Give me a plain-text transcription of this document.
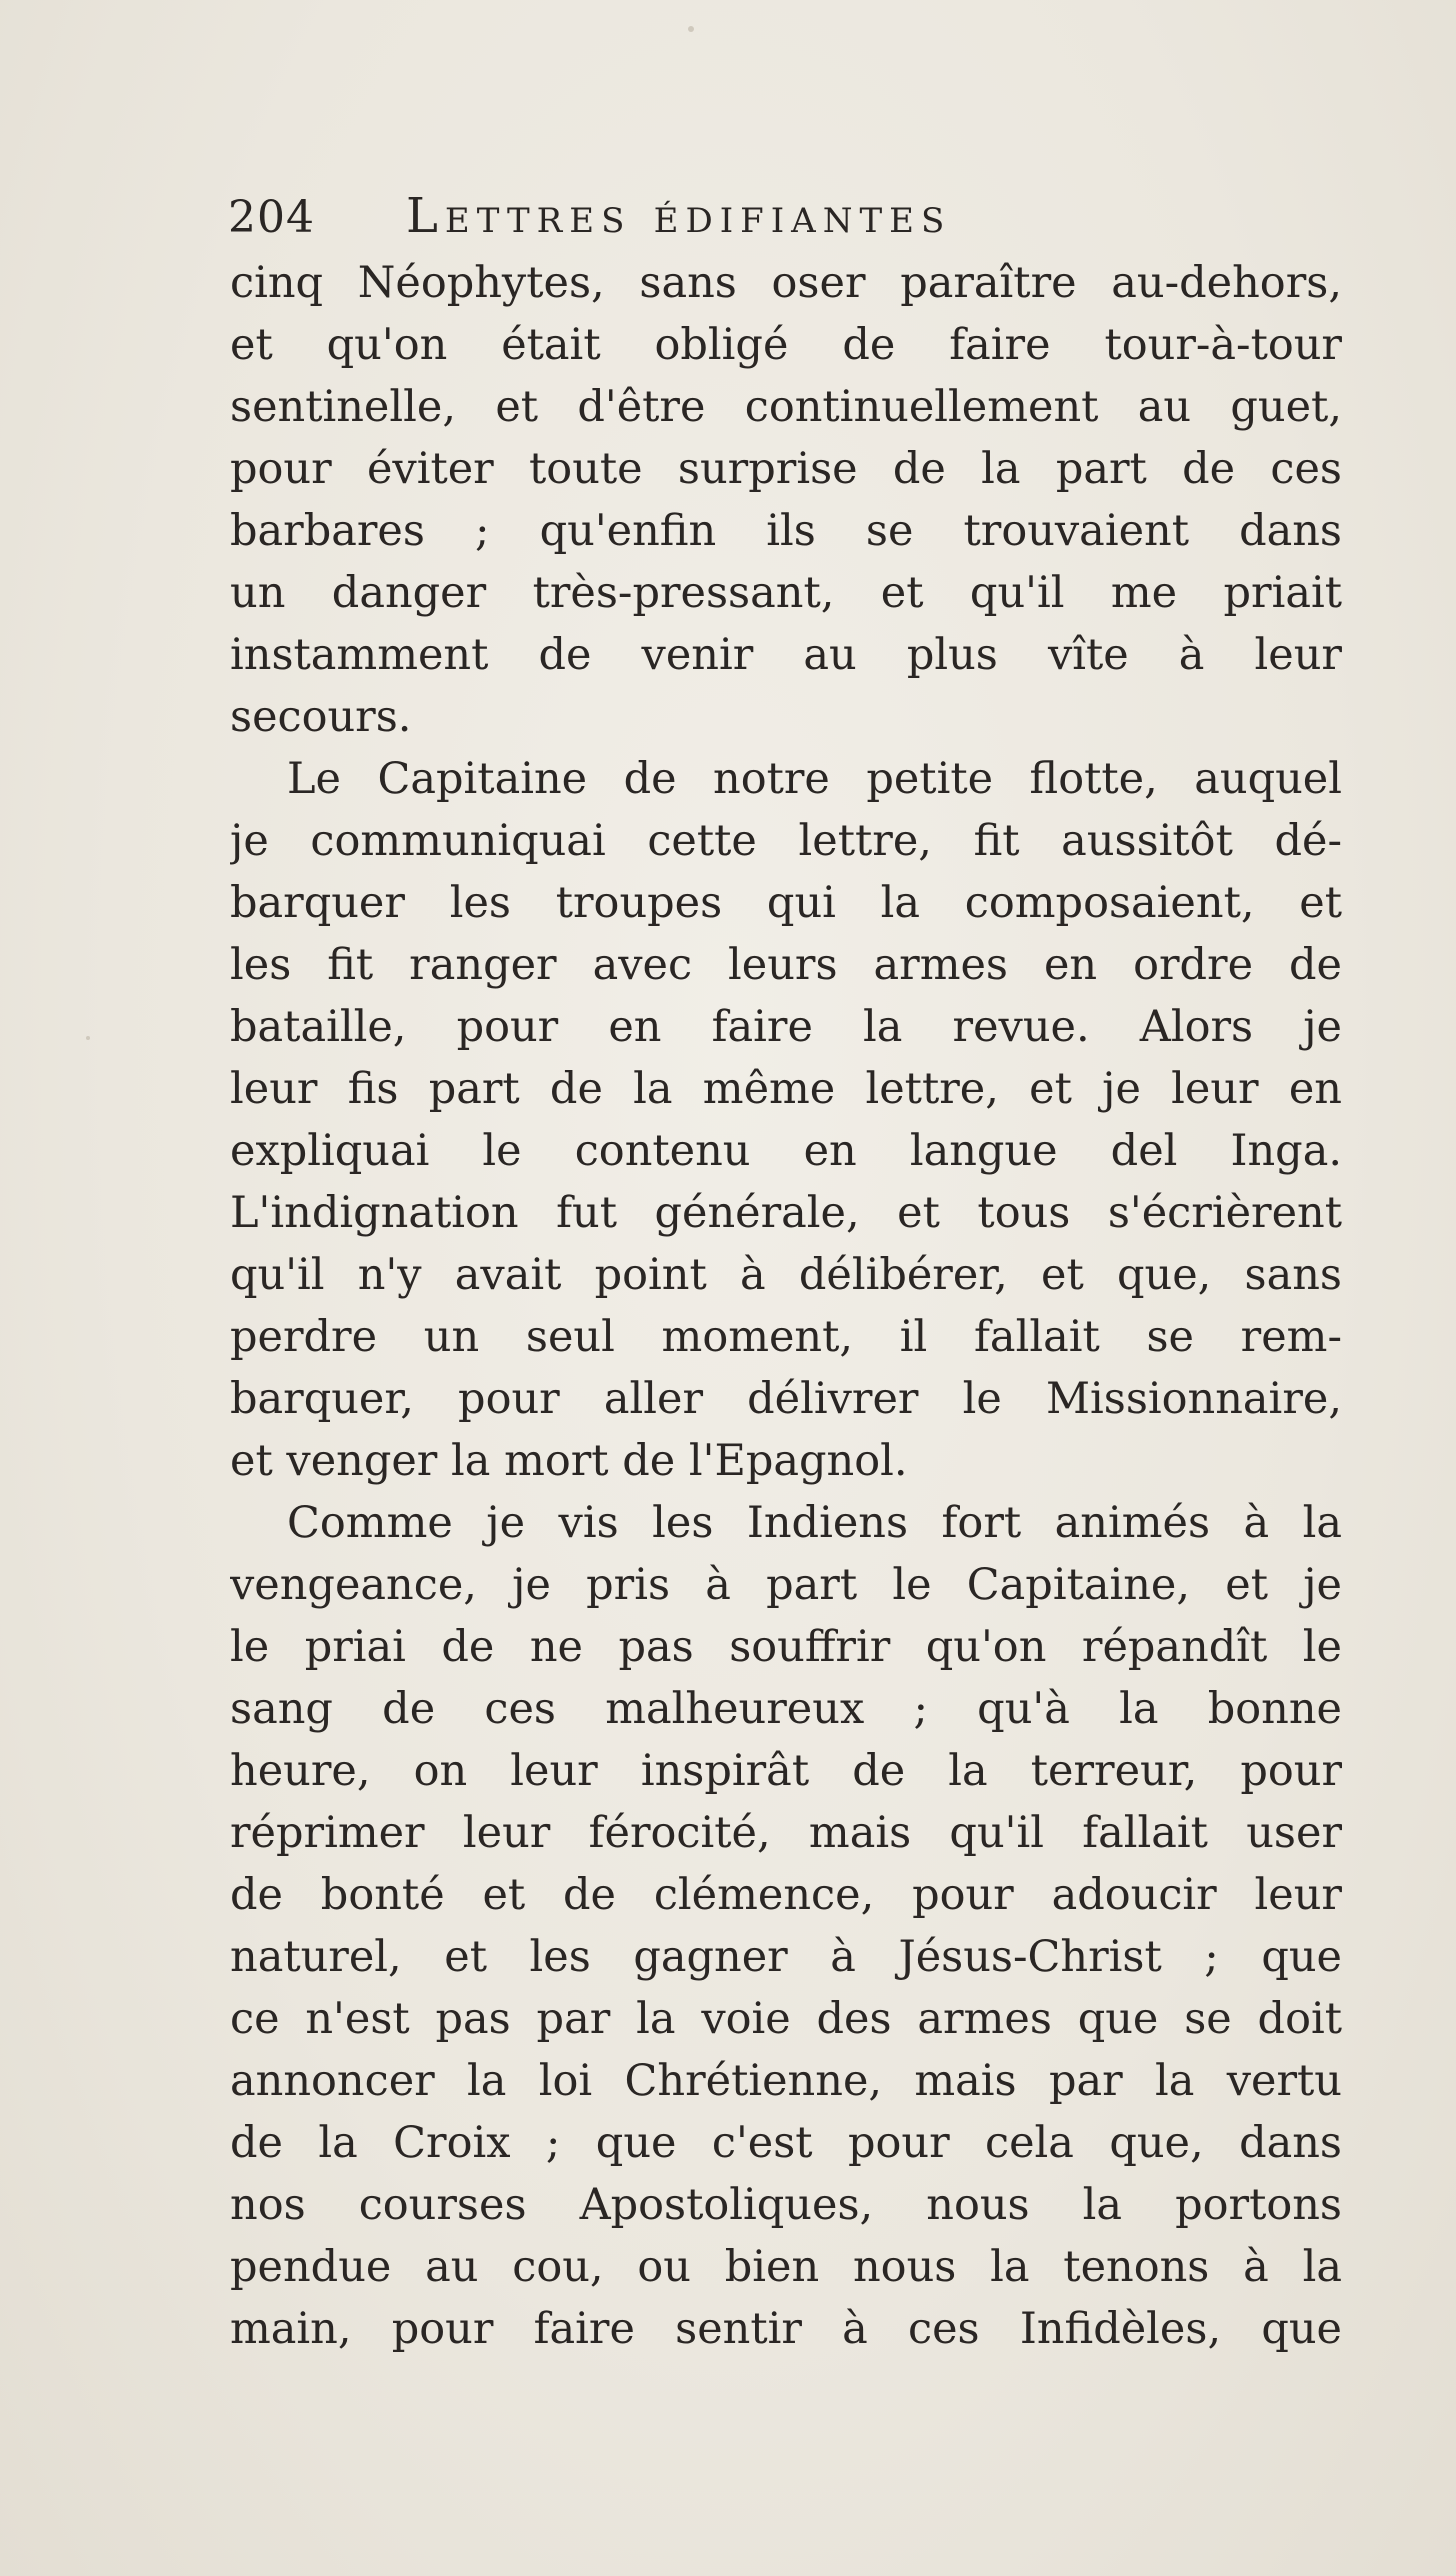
204 Lettres édifiantes
cinq Néophytes, sans oser paraître au-dehors,
et qu'on était obligé de faire tour-à-tour
sentinelle, et d'être continuellement au guet,
pour éviter toute surprise de la part de ces
barbares ; qu'enfin ils se trouvaient dans
un danger très-pressant, et qu'il me priait
instamment de venir au plus vîte à leur
secours.
Le Capitaine de notre petite flotte, auquel
je communiquai cette lettre, fit aussitôt dé-
barquer les troupes qui la composaient, et
les fit ranger avec leurs armes en ordre de
bataille, pour en faire la revue. Alors je
leur fis part de la même lettre, et je leur en
expliquai le contenu en langue del Inga.
L'indignation fut générale, et tous s'écrièrent
qu'il n'y avait point à délibérer, et que, sans
perdre un seul moment, il fallait se rem-
barquer, pour aller délivrer le Missionnaire,
et venger la mort de l'Epagnol.
Comme je vis les Indiens fort animés à la
vengeance, je pris à part le Capitaine, et je
le priai de ne pas souffrir qu'on répandît le
sang de ces malheureux ; qu'à la bonne
heure, on leur inspirât de la terreur, pour
réprimer leur férocité, mais qu'il fallait user
de bonté et de clémence, pour adoucir leur
naturel, et les gagner à Jésus-Christ ; que
ce n'est pas par la voie des armes que se doit
annoncer la loi Chrétienne, mais par la vertu
de la Croix ; que c'est pour cela que, dans
nos courses Apostoliques, nous la portons
pendue au cou, ou bien nous la tenons à la
main, pour faire sentir à ces Infidèles, que
